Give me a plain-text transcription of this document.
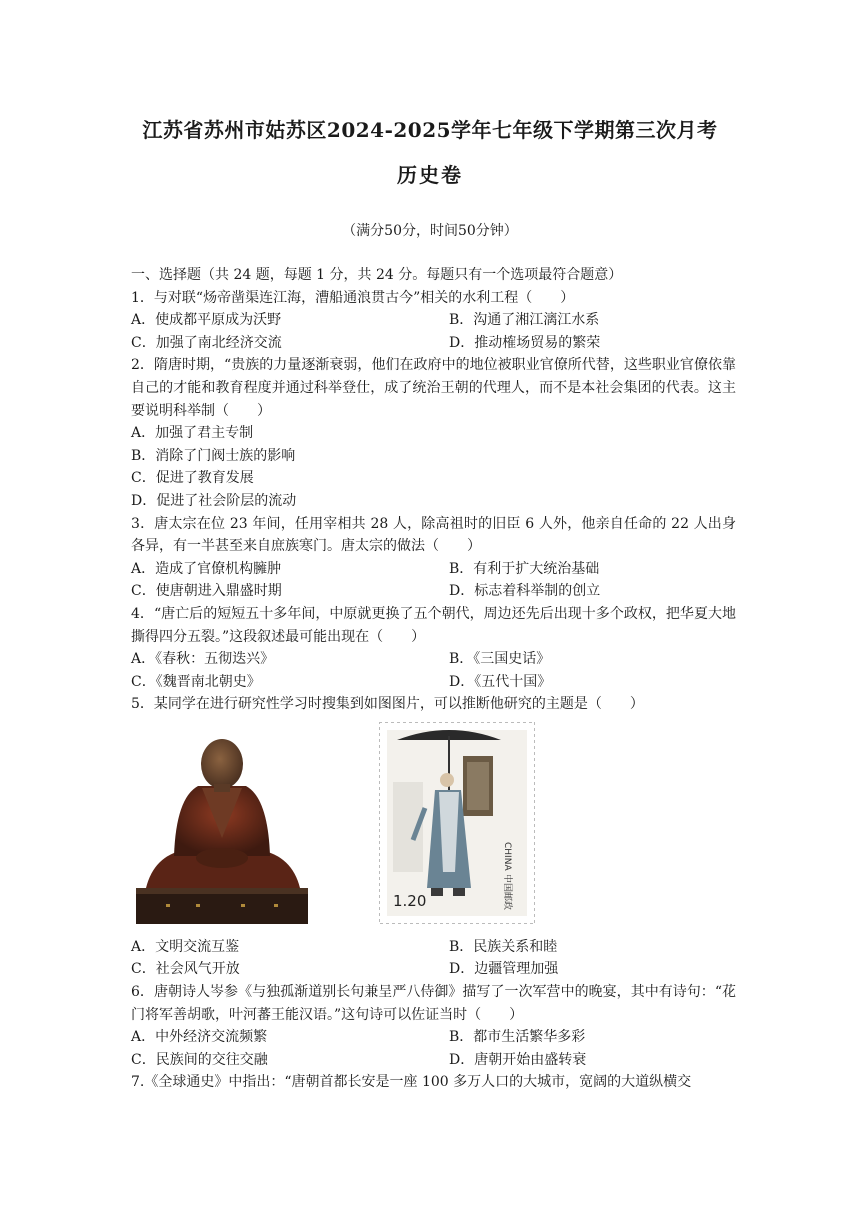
江苏省苏州市姑苏区2024-2025学年七年级下学期第三次月考
历史卷
（满分50分，时间50分钟）
一、选择题（共 24 题，每题 1 分，共 24 分。每题只有一个选项最符合题意）
1．与对联“炀帝凿渠连江海，漕船通浪贯古今”相关的水利工程（　　）
A．使成都平原成为沃野	B．沟通了湘江漓江水系
C．加强了南北经济交流	D．推动榷场贸易的繁荣
2．隋唐时期，“贵族的力量逐渐衰弱，他们在政府中的地位被职业官僚所代替，这些职业官僚依靠自己的才能和教育程度并通过科举登仕，成了统治王朝的代理人，而不是本社会集团的代表。这主要说明科举制（　　）
A．加强了君主专制
B．消除了门阀士族的影响
C．促进了教育发展
D．促进了社会阶层的流动
3．唐太宗在位 23 年间，任用宰相共 28 人，除高祖时的旧臣 6 人外，他亲自任命的 22 人出身各异，有一半甚至来自庶族寒门。唐太宗的做法（　　）
A．造成了官僚机构臃肿	B．有利于扩大统治基础
C．使唐朝进入鼎盛时期	D．标志着科举制的创立
4．“唐亡后的短短五十多年间，中原就更换了五个朝代，周边还先后出现十多个政权，把华夏大地撕得四分五裂。”这段叙述最可能出现在（　　）
A．《春秋：五彻迭兴》	B．《三国史话》
C．《魏晋南北朝史》	D．《五代十国》
5．某同学在进行研究性学习时搜集到如图图片，可以推断他研究的主题是（　　）
1.20
CHINA
中国邮政
A．文明交流互鉴	B．民族关系和睦
C．社会风气开放	D．边疆管理加强
6．唐朝诗人岑参《与独孤渐道别长句兼呈严八侍御》描写了一次军营中的晚宴，其中有诗句：“花门将军善胡歌，叶河蕃王能汉语。”这句诗可以佐证当时（　　）
A．中外经济交流频繁	B．都市生活繁华多彩
C．民族间的交往交融	D．唐朝开始由盛转衰
7.《全球通史》中指出：“唐朝首都长安是一座 100 多万人口的大城市，宽阔的大道纵横交
